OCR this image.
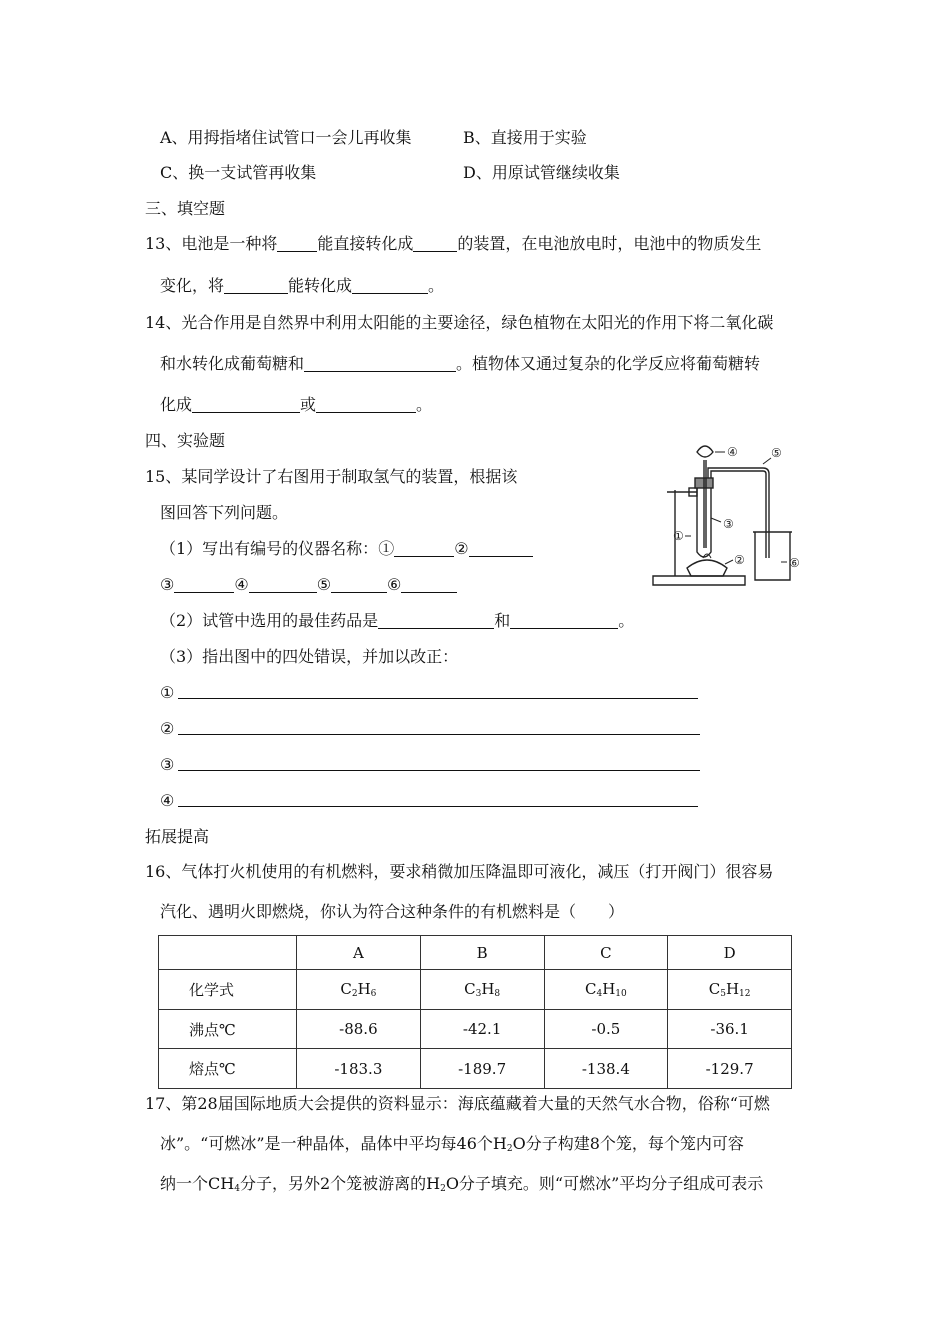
A、用拇指堵住试管口一会儿再收集	B、直接用于实验
C、换一支试管再收集	D、用原试管继续收集
三、填空题
13、电池是一种将	能直接转化成	的装置，在电池放电时，电池中的物质发生
变化，将	能转化成	。
14、光合作用是自然界中利用太阳能的主要途径，绿色植物在太阳光的作用下将二氧化碳
和水转化成葡萄糖和	。植物体又通过复杂的化学反应将葡萄糖转
化成	或	。
四、实验题
15、某同学设计了右图用于制取氢气的装置，根据该
图回答下列问题。
（1）写出有编号的仪器名称：①	②
③	④	⑤	⑥
（2）试管中选用的最佳药品是	和	。
（3）指出图中的四处错误，并加以改正：
①
②
③
④
④	⑤
③
①
②	⑥
拓展提高
16、气体打火机使用的有机燃料，要求稍微加压降温即可液化，减压（打开阀门）很容易
汽化、遇明火即燃烧，你认为符合这种条件的有机燃料是（　　）
	A	B	C	D
化学式	$C_2H_6$	$C_3H_8$	$C_4H_{10}$	$C_5H_{12}$
沸点℃	-88.6	-42.1	-0.5	-36.1
熔点℃	-183.3	-189.7	-138.4	-129.7
17、第28届国际地质大会提供的资料显示：海底蕴藏着大量的天然气水合物，俗称“可燃
冰”。“可燃冰”是一种晶体，晶体中平均每46个$H_2O$分子构建8个笼，每个笼内可容
纳一个$CH_4$分子，另外2个笼被游离的$H_2O$分子填充。则“可燃冰”平均分子组成可表示
